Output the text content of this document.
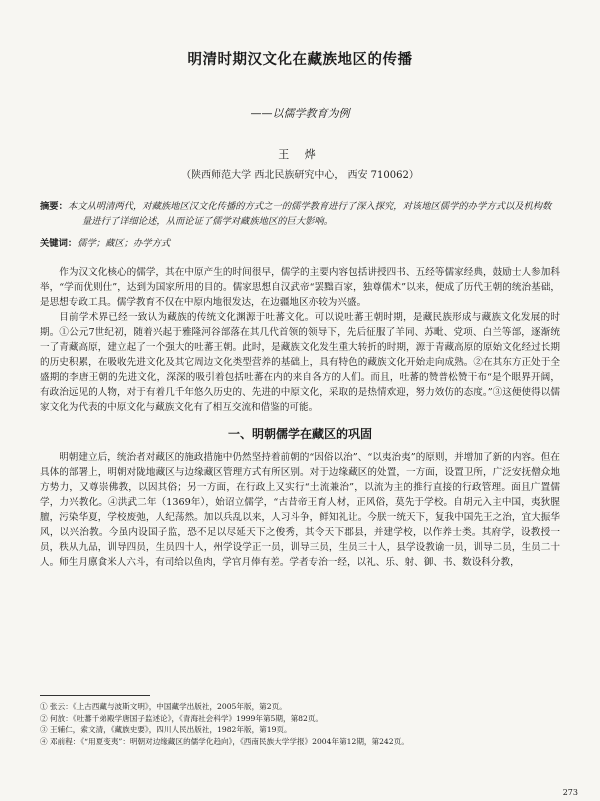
明清时期汉文化在藏族地区的传播
——以儒学教育为例
王 烨
（陕西师范大学 西北民族研究中心， 西安 710062）
摘要：本文从明清两代，对藏族地区汉文化传播的方式之一的儒学教育进行了深入探究，对该地区儒学的办学方式以及机构数量进行了详细论述，从而论证了儒学对藏族地区的巨大影响。
关键词：儒学；藏区；办学方式

作为汉文化核心的儒学，其在中原产生的时间很早，儒学的主要内容包括讲授四书、五经等儒家经典，鼓励士人参加科举，“学而优则仕”，达到为国家所用的目的。儒家思想自汉武帝“罢黜百家，独尊儒术”以来，便成了历代王朝的统治基础，是思想专政工具。儒学教育不仅在中原内地很发达，在边疆地区亦较为兴盛。

目前学术界已经一致认为藏族的传统文化渊源于吐蕃文化。可以说吐蕃王朝时期，是藏民族形成与藏族文化发展的时期。①公元7世纪初，随着兴起于雅隆河谷部落在其几代首领的领导下，先后征服了羊同、苏毗、党项、白兰等部，逐渐统一了青藏高原，建立起了一个强大的吐蕃王朝。此时，是藏族文化发生重大转折的时期，源于青藏高原的原始文化经过长期的历史积累，在吸收先进文化及其它周边文化类型营养的基础上，具有特色的藏族文化开始走向成熟。②在其东方正处于全盛期的李唐王朝的先进文化，深深的吸引着包括吐蕃在内的来自各方的人们。而且，吐蕃的赞普松赞干布“是个眼界开阔，有政治远见的人物，对于有着几千年悠久历史的、先进的中原文化，采取的是热情欢迎，努力效仿的态度。”③这便使得以儒家文化为代表的中原文化与藏族文化有了相互交流和借鉴的可能。

一、明朝儒学在藏区的巩固

明朝建立后，统治者对藏区的施政措施中仍然坚持着前朝的“因俗以治”、“以夷治夷”的原则，并增加了新的内容。但在具体的部署上，明朝对陇地藏区与边缘藏区管理方式有所区别。对于边缘藏区的处置，一方面，设置卫所，广泛安抚僧众地方势力，又尊崇佛教，以因其俗；另一方面，在行政上又实行“土流兼治”，以流为主的推行直接的行政管理。面且广置儒学，力兴教化。④洪武二年（1369年），始诏立儒学，“古昔帝王育人材，正风俗，莫先于学校。自胡元入主中国，夷狄腥膻，污染华夏，学校废弛，人纪荡然。加以兵乱以来，人习斗争，鲜知礼让。今朕一统天下，复我中国先王之治，宜大振华风，以兴治教。今虽内设国子监，恐不足以尽延天下之俊秀，其令天下郡县，并建学校，以作养士类。其府学，设教授一员，秩从九品，训导四员，生员四十人，州学设学正一员，训导三员，生员三十人，县学设教谕一员，训导二员，生员二十人。师生月廪食米人六斗，有司给以鱼肉，学官月俸有差。学者专治一经，以礼、乐、射、御、书、数设科分教，

① 张云：《上古西藏与波斯文明》，中国藏学出版社，2005年版，第2页。
② 何放：《吐蕃千弟殿学唐国子监述论》，《青海社会科学》1999年第5期，第82页。
③ 王辅仁，索文清，《藏族史要》，四川人民出版社，1982年版，第19页。
④ 邓前程：《“用夏变夷”：明朝对边缘藏区的儒学化趋向》，《西南民族大学学报》2004年第12期，第242页。
273
